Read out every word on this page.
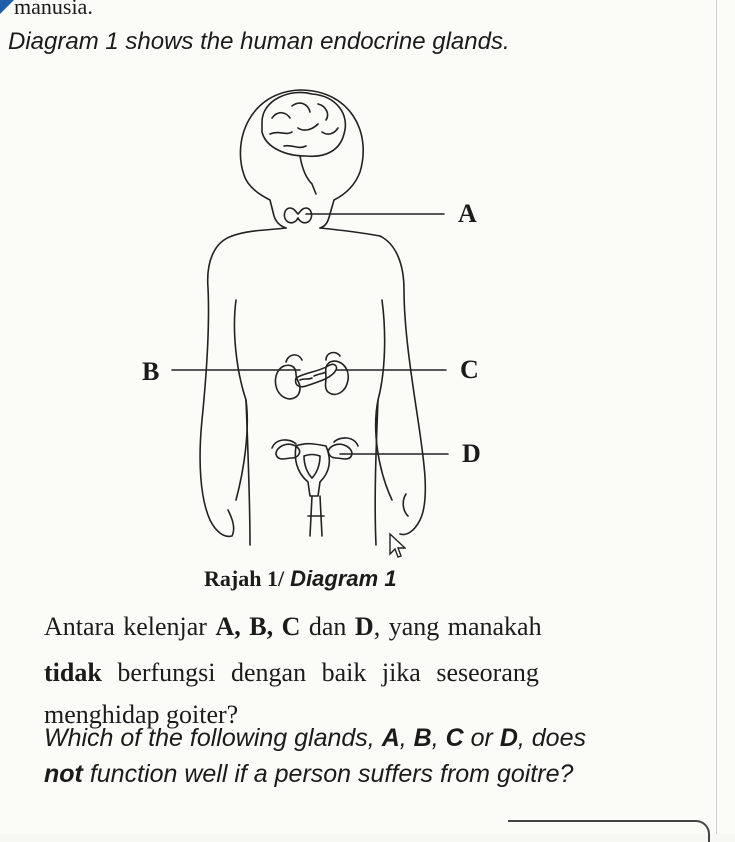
manusia.
Diagram 1 shows the human endocrine glands.
A
B	C
D
Rajah 1/ Diagram 1
Antara kelenjar A, B, C dan D, yang manakah
tidak berfungsi dengan baik jika seseorang
menghidap goiter?
Which of the following glands, A, B, C or D, does
not function well if a person suffers from goitre?
